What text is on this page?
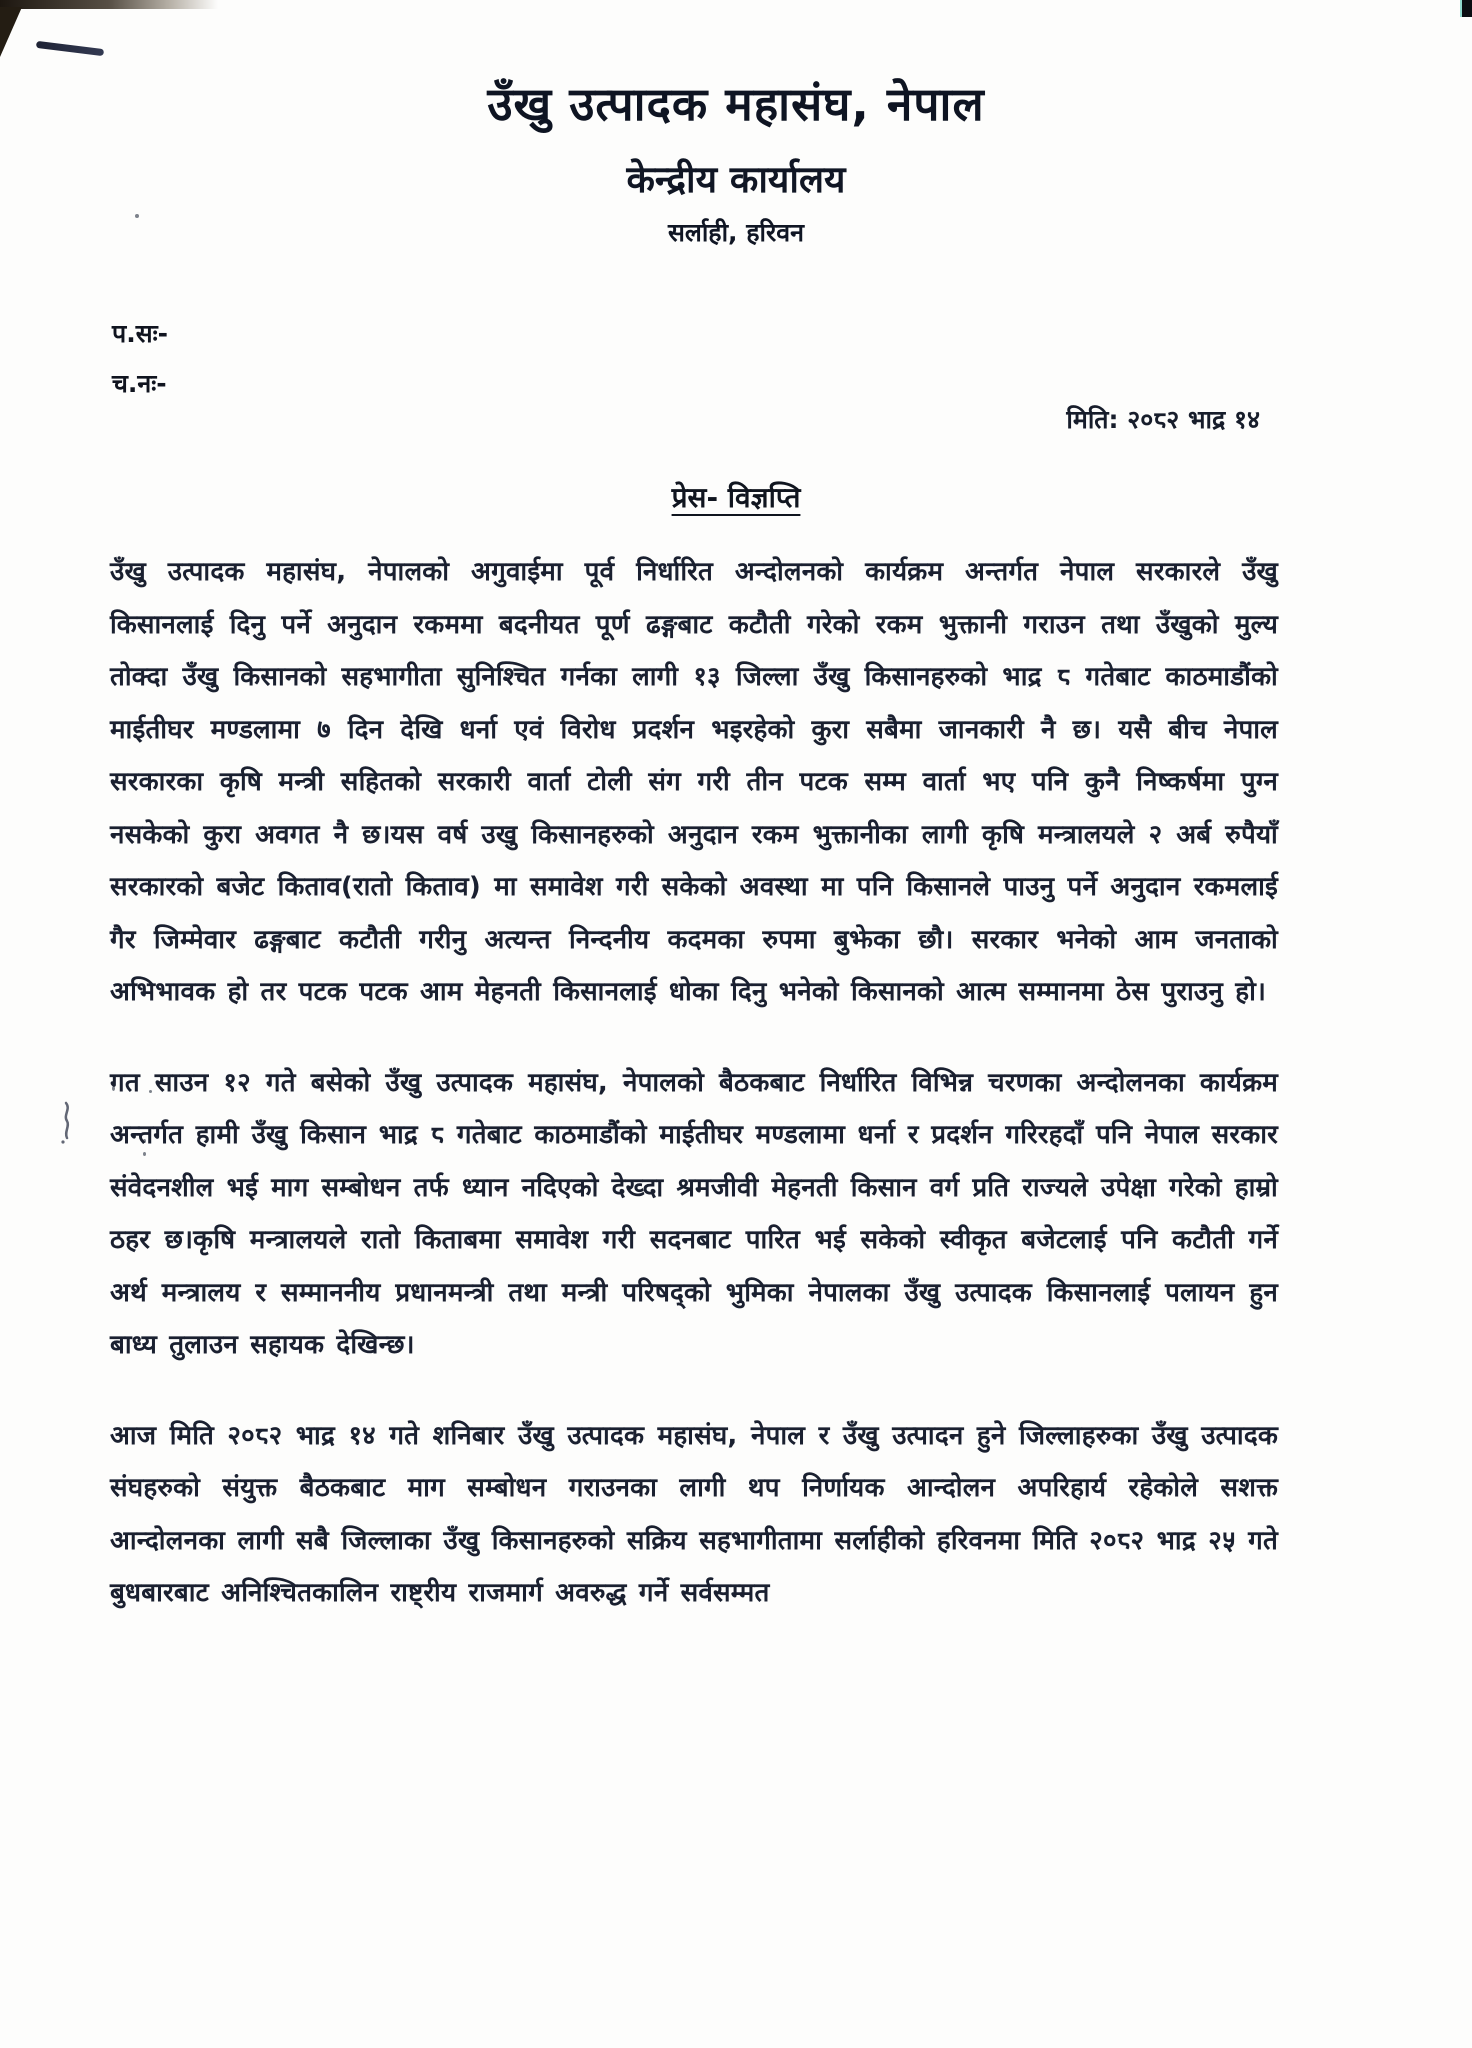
उँखु उत्पादक महासंघ, नेपाल
केन्द्रीय कार्यालय
सर्लाही, हरिवन
प.सः-
च.नः-
मिति: २०८२ भाद्र १४
प्रेस- विज्ञप्ति

उँखु उत्पादक महासंघ, नेपालको अगुवाईमा पूर्व निर्धारित अन्दोलनको कार्यक्रम अन्तर्गत नेपाल सरकारले उँखु किसानलाई दिनु पर्ने अनुदान रकममा बदनीयत पूर्ण ढङ्गबाट कटौती गरेको रकम भुक्तानी गराउन तथा उँखुको मुल्य तोक्दा उँखु किसानको सहभागीता सुनिश्चित गर्नका लागी १३ जिल्ला उँखु किसानहरुको भाद्र ८ गतेबाट काठमाडौंको माईतीघर मण्डलामा ७ दिन देखि धर्ना एवं विरोध प्रदर्शन भइरहेको कुरा सबैमा जानकारी नै छ। यसै बीच नेपाल सरकारका कृषि मन्त्री सहितको सरकारी वार्ता टोली संग गरी तीन पटक सम्म वार्ता भए पनि कुनै निष्कर्षमा पुग्न नसकेको कुरा अवगत नै छ।यस वर्ष उखु किसानहरुको अनुदान रकम भुक्तानीका लागी कृषि मन्त्रालयले २ अर्ब रुपैयाँ सरकारको बजेट किताव(रातो किताव) मा समावेश गरी सकेको अवस्था मा पनि किसानले पाउनु पर्ने अनुदान रकमलाई गैर जिम्मेवार ढङ्गबाट कटौती गरीनु अत्यन्त निन्दनीय कदमका रुपमा बुझेका छौ। सरकार भनेको आम जनताको अभिभावक हो तर पटक पटक आम मेहनती किसानलाई धोका दिनु भनेको किसानको आत्म सम्मानमा ठेस पुराउनु हो।

गत साउन १२ गते बसेको उँखु उत्पादक महासंघ, नेपालको बैठकबाट निर्धारित विभिन्न चरणका अन्दोलनका कार्यक्रम अन्तर्गत हामी उँखु किसान भाद्र ८ गतेबाट काठमाडौंको माईतीघर मण्डलामा धर्ना र प्रदर्शन गरिरहदाँ पनि नेपाल सरकार संवेदनशील भई माग सम्बोधन तर्फ ध्यान नदिएको देख्दा श्रमजीवी मेहनती किसान वर्ग प्रति राज्यले उपेक्षा गरेको हाम्रो ठहर छ।कृषि मन्त्रालयले रातो किताबमा समावेश गरी सदनबाट पारित भई सकेको स्वीकृत बजेटलाई पनि कटौती गर्ने अर्थ मन्त्रालय र सम्माननीय प्रधानमन्त्री तथा मन्त्री परिषद्को भुमिका नेपालका उँखु उत्पादक किसानलाई पलायन हुन बाध्य तुलाउन सहायक देखिन्छ।

आज मिति २०८२ भाद्र १४ गते शनिबार उँखु उत्पादक महासंघ, नेपाल र उँखु उत्पादन हुने जिल्लाहरुका उँखु उत्पादक संघहरुको संयुक्त बैठकबाट माग सम्बोधन गराउनका लागी थप निर्णायक आन्दोलन अपरिहार्य रहेकोले सशक्त आन्दोलनका लागी सबै जिल्लाका उँखु किसानहरुको सक्रिय सहभागीतामा सर्लाहीको हरिवनमा मिति २०८२ भाद्र २५ गते बुधबारबाट अनिश्चितकालिन राष्ट्रीय राजमार्ग अवरुद्ध गर्ने सर्वसम्मत
